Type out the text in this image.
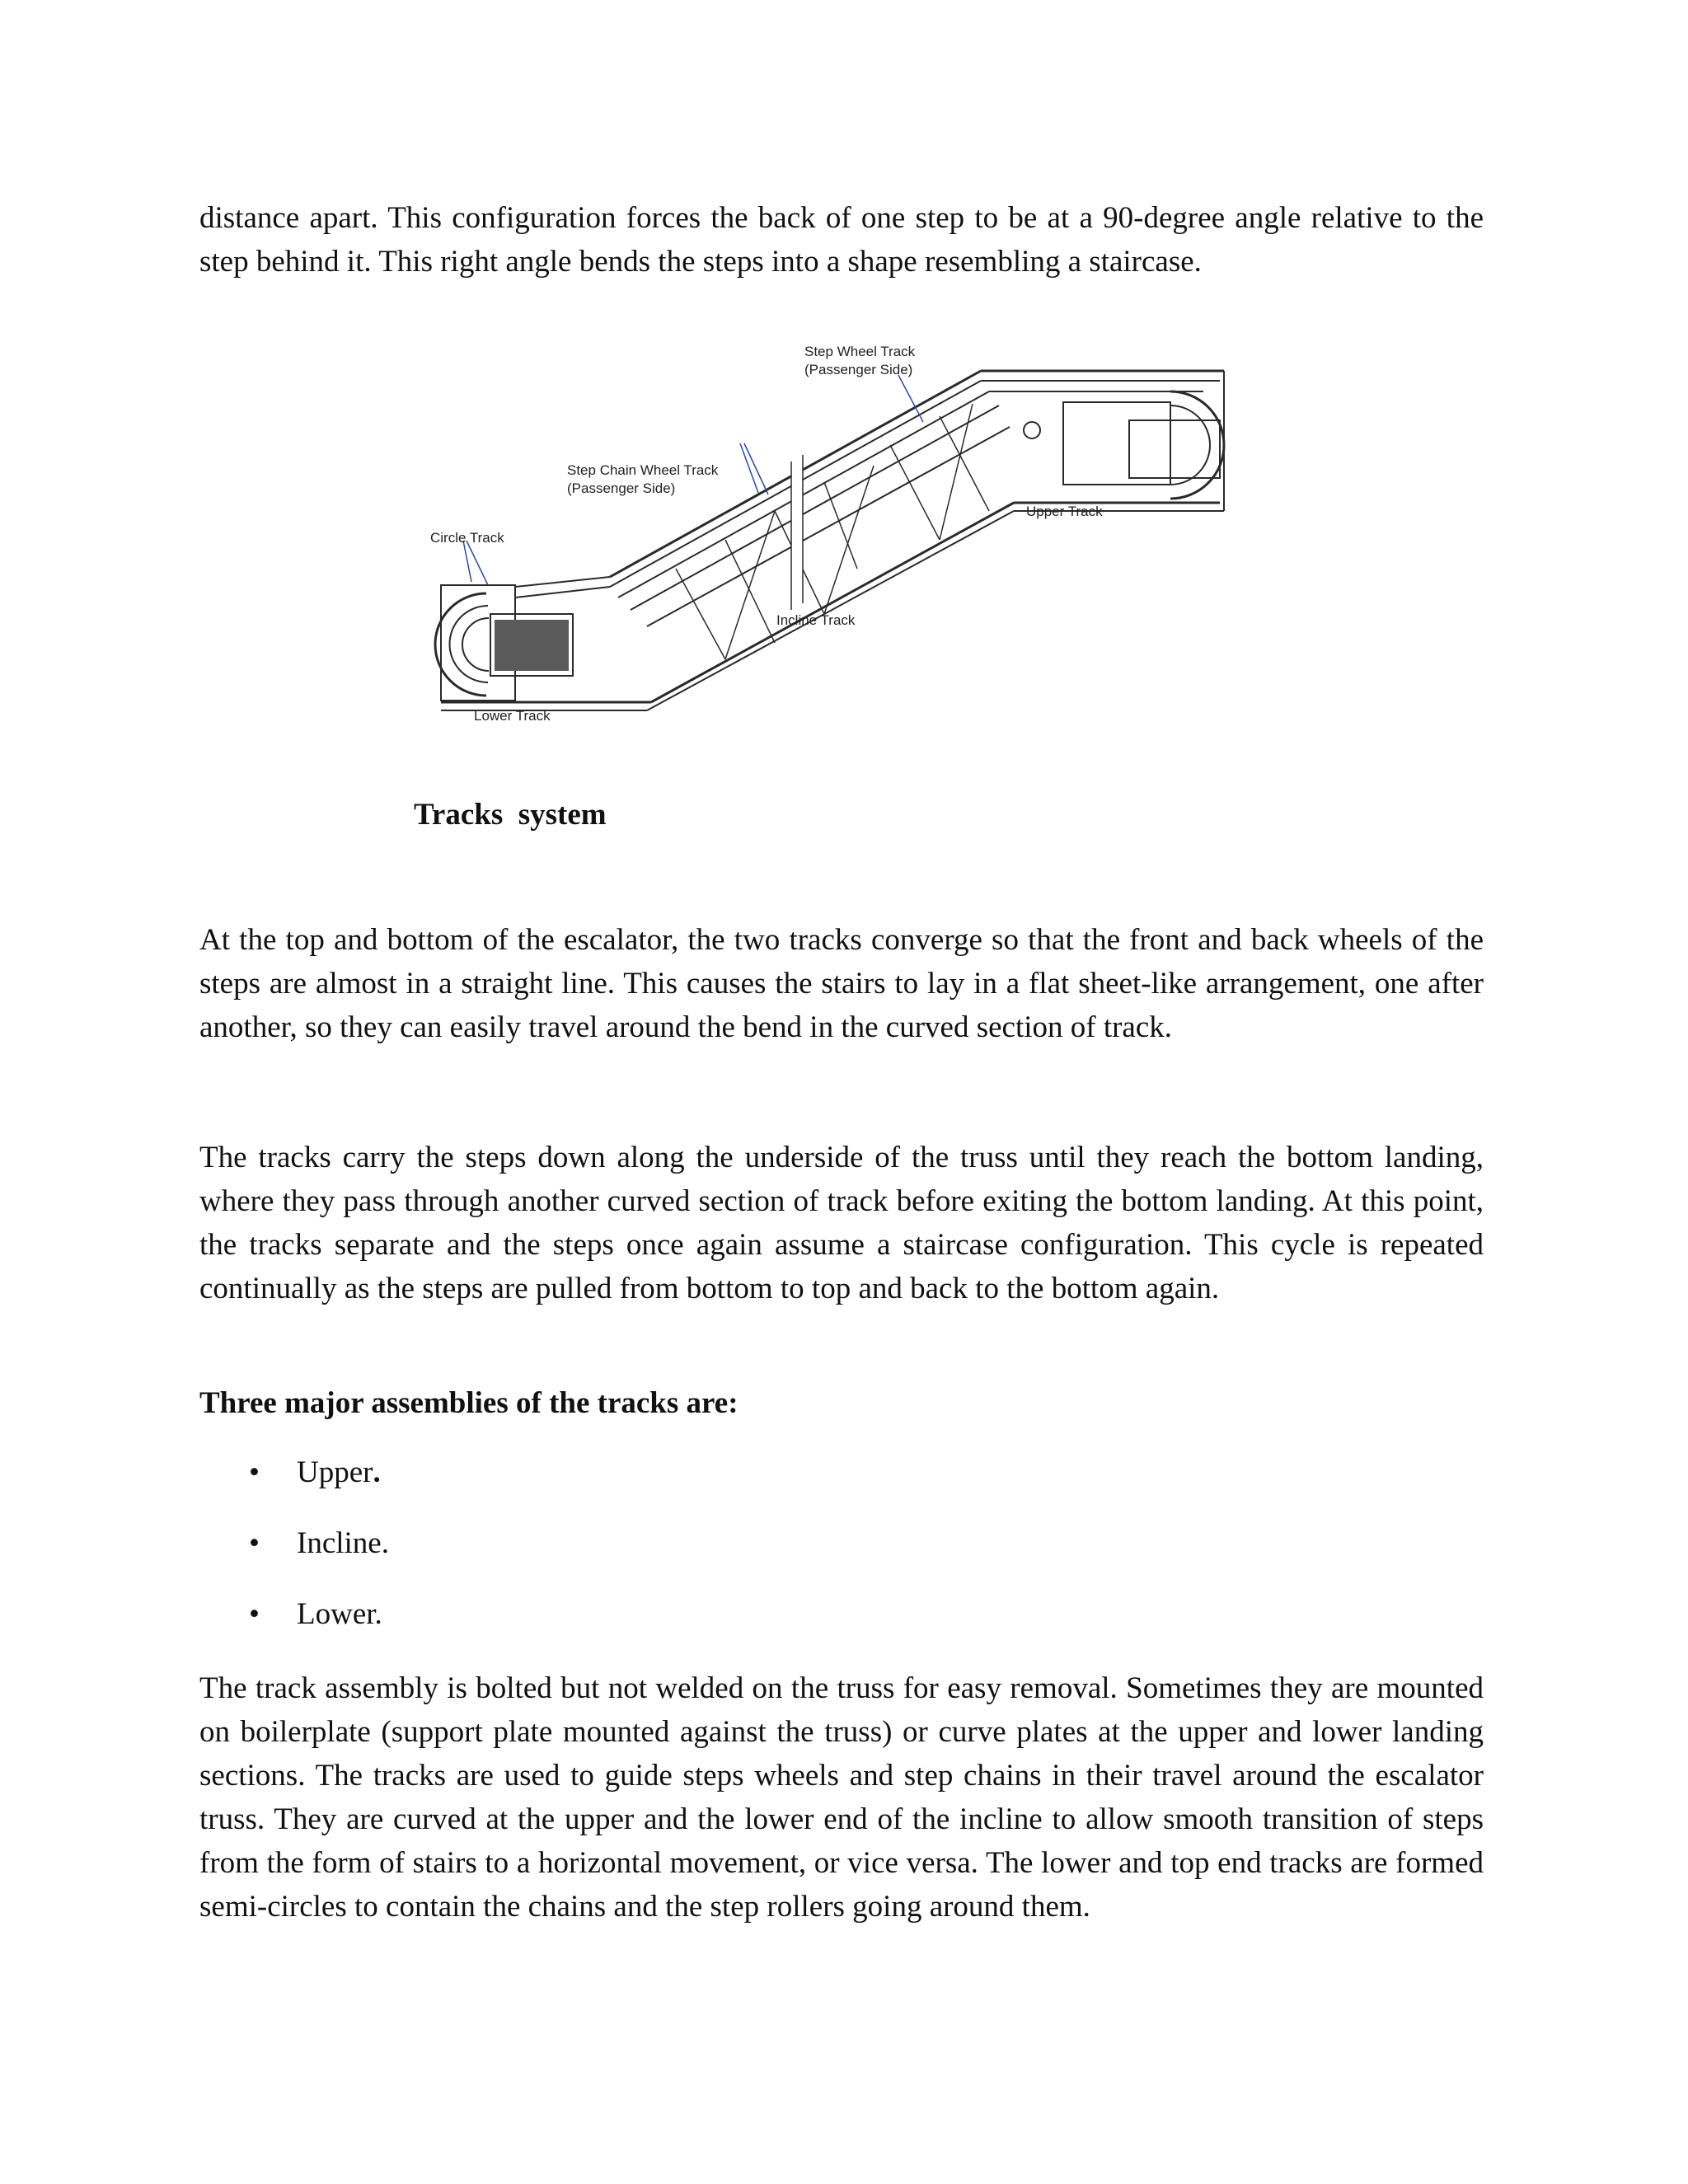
distance apart. This configuration forces the back of one step to be at a 90-degree angle relative to the step behind it. This right angle bends the steps into a shape resembling a staircase.

Step Wheel Track
(Passenger Side)
Step Chain Wheel Track
(Passenger Side)
Circle Track
Upper Track
Incline Track
Lower Track

Tracks  system

At the top and bottom of the escalator, the two tracks converge so that the front and back wheels of the steps are almost in a straight line. This causes the stairs to lay in a flat sheet-like arrangement, one after another, so they can easily travel around the bend in the curved section of track.

The tracks carry the steps down along the underside of the truss until they reach the bottom landing, where they pass through another curved section of track before exiting the bottom landing. At this point, the tracks separate and the steps once again assume a staircase configuration. This cycle is repeated continually as the steps are pulled from bottom to top and back to the bottom again.

Three major assemblies of the tracks are:

• Upper.
• Incline.
• Lower.

The track assembly is bolted but not welded on the truss for easy removal. Sometimes they are mounted on boilerplate (support plate mounted against the truss) or curve plates at the upper and lower landing sections. The tracks are used to guide steps wheels and step chains in their travel around the escalator truss. They are curved at the upper and the lower end of the incline to allow smooth transition of steps from the form of stairs to a horizontal movement, or vice versa. The lower and top end tracks are formed semi-circles to contain the chains and the step rollers going around them.
